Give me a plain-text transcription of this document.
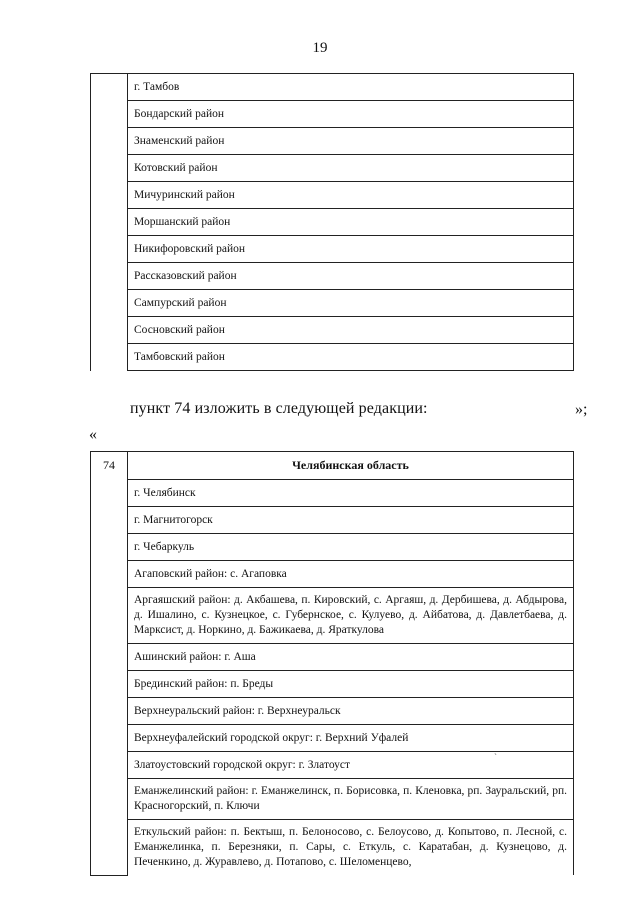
19
	г. Тамбов
Бондарский район
Знаменский район
Котовский район
Мичуринский район
Моршанский район
Никифоровский район
Рассказовский район
Сампурский район
Сосновский район
Тамбовский район
»;
пункт 74 изложить в следующей редакции:
«
74	Челябинская область
г. Челябинск
г. Магнитогорск
г. Чебаркуль
Агаповский район: с. Агаповка
Аргаяшский район: д. Акбашева, п. Кировский, с. Аргаяш, д. Дербишева, д. Абдырова, д. Ишалино, с. Кузнецкое, с. Губернское, с. Кулуево, д. Айбатова, д. Давлетбаева, д. Марксист, д. Норкино, д. Бажикаева, д. Яраткулова
Ашинский район: г. Аша
Брединский район: п. Бреды
Верхнеуральский район: г. Верхнеуральск
Верхнеуфалейский городской округ: г. Верхний Уфалей
Златоустовский городской округ: г. Златоуст
Еманжелинский район: г. Еманжелинск, п. Борисовка, п. Кленовка, рп. Зауральский, рп. Красногорский, п. Ключи
Еткульский район: п. Бектыш, п. Белоносово, с. Белоусово, д. Копытово, п. Лесной, с. Еманжелинка, п. Березняки, п. Сары, с. Еткуль, с. Каратабан, д. Кузнецово, д. Печенкино, д. Журавлево, д. Потапово, с. Шеломенцево,
ˋ
